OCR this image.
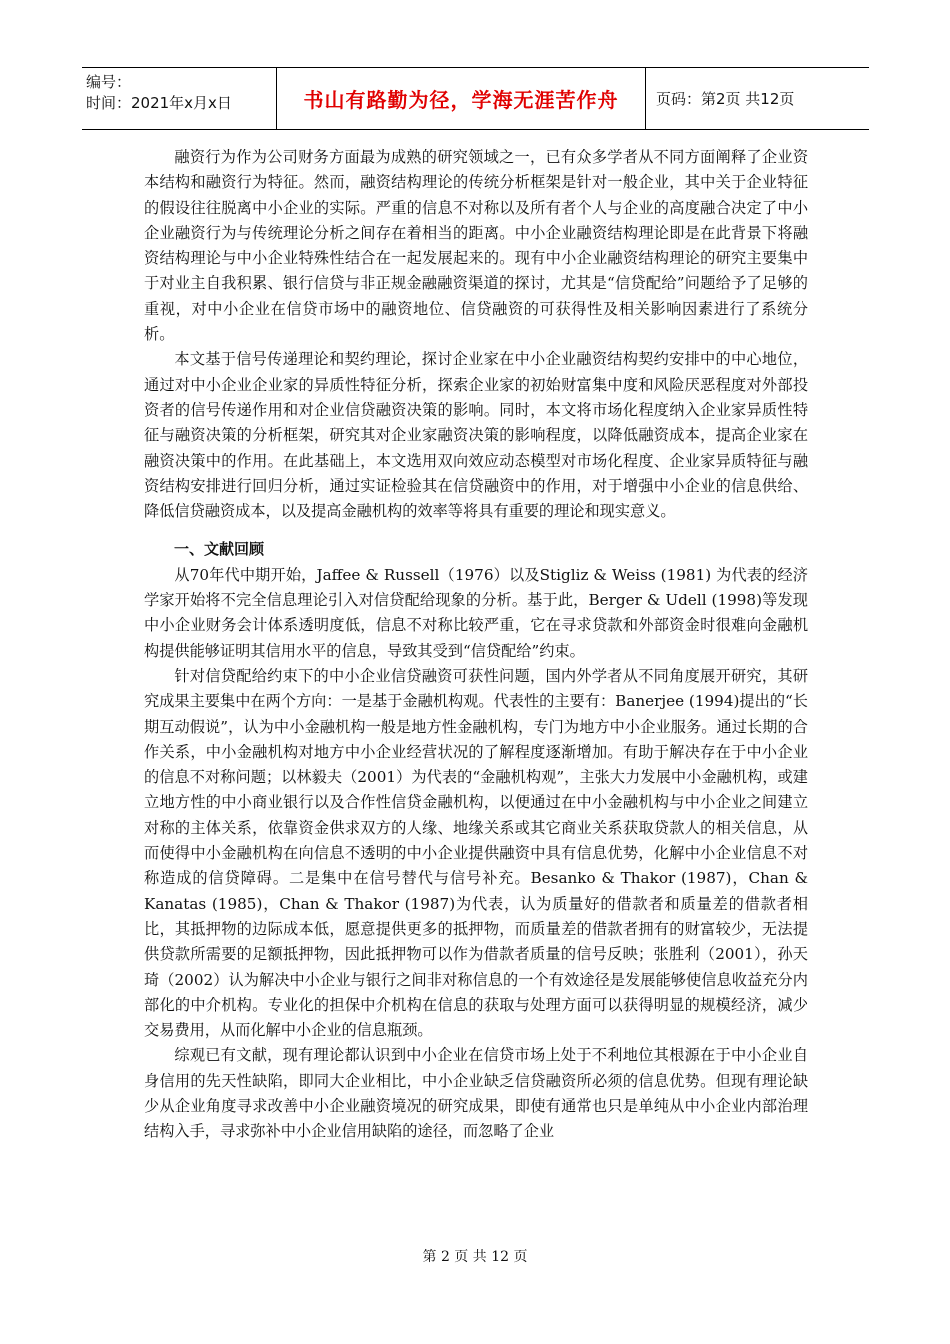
编号：
时间：2021年x月x日	书山有路勤为径，学海无涯苦作舟	页码：第2页 共12页

融资行为作为公司财务方面最为成熟的研究领域之一，已有众多学者从不同方面阐释了企业资本结构和融资行为特征。然而，融资结构理论的传统分析框架是针对一般企业，其中关于企业特征的假设往往脱离中小企业的实际。严重的信息不对称以及所有者个人与企业的高度融合决定了中小企业融资行为与传统理论分析之间存在着相当的距离。中小企业融资结构理论即是在此背景下将融资结构理论与中小企业特殊性结合在一起发展起来的。现有中小企业融资结构理论的研究主要集中于对业主自我积累、银行信贷与非正规金融融资渠道的探讨，尤其是“信贷配给”问题给予了足够的重视，对中小企业在信贷市场中的融资地位、信贷融资的可获得性及相关影响因素进行了系统分析。

本文基于信号传递理论和契约理论，探讨企业家在中小企业融资结构契约安排中的中心地位，通过对中小企业企业家的异质性特征分析，探索企业家的初始财富集中度和风险厌恶程度对外部投资者的信号传递作用和对企业信贷融资决策的影响。同时，本文将市场化程度纳入企业家异质性特征与融资决策的分析框架，研究其对企业家融资决策的影响程度，以降低融资成本，提高企业家在融资决策中的作用。在此基础上，本文选用双向效应动态模型对市场化程度、企业家异质特征与融资结构安排进行回归分析，通过实证检验其在信贷融资中的作用，对于增强中小企业的信息供给、降低信贷融资成本，以及提高金融机构的效率等将具有重要的理论和现实意义。

一、文献回顾

从70年代中期开始，Jaffee & Russell（1976）以及Stigliz & Weiss (1981) 为代表的经济学家开始将不完全信息理论引入对信贷配给现象的分析。基于此，Berger & Udell (1998)等发现中小企业财务会计体系透明度低，信息不对称比较严重，它在寻求贷款和外部资金时很难向金融机构提供能够证明其信用水平的信息，导致其受到“信贷配给”约束。

针对信贷配给约束下的中小企业信贷融资可获性问题，国内外学者从不同角度展开研究，其研究成果主要集中在两个方向：一是基于金融机构观。代表性的主要有：Banerjee (1994)提出的“长期互动假说”，认为中小金融机构一般是地方性金融机构，专门为地方中小企业服务。通过长期的合作关系，中小金融机构对地方中小企业经营状况的了解程度逐渐增加。有助于解决存在于中小企业的信息不对称问题；以林毅夫（2001）为代表的“金融机构观”，主张大力发展中小金融机构，或建立地方性的中小商业银行以及合作性信贷金融机构，以便通过在中小金融机构与中小企业之间建立对称的主体关系，依靠资金供求双方的人缘、地缘关系或其它商业关系获取贷款人的相关信息，从而使得中小金融机构在向信息不透明的中小企业提供融资中具有信息优势，化解中小企业信息不对称造成的信贷障碍。二是集中在信号替代与信号补充。Besanko & Thakor (1987)，Chan & Kanatas (1985)，Chan & Thakor (1987)为代表，认为质量好的借款者和质量差的借款者相比，其抵押物的边际成本低，愿意提供更多的抵押物，而质量差的借款者拥有的财富较少，无法提供贷款所需要的足额抵押物，因此抵押物可以作为借款者质量的信号反映；张胜利（2001），孙天琦（2002）认为解决中小企业与银行之间非对称信息的一个有效途径是发展能够使信息收益充分内部化的中介机构。专业化的担保中介机构在信息的获取与处理方面可以获得明显的规模经济，减少交易费用，从而化解中小企业的信息瓶颈。

综观已有文献，现有理论都认识到中小企业在信贷市场上处于不利地位其根源在于中小企业自身信用的先天性缺陷，即同大企业相比，中小企业缺乏信贷融资所必须的信息优势。但现有理论缺少从企业角度寻求改善中小企业融资境况的研究成果，即使有通常也只是单纯从中小企业内部治理结构入手，寻求弥补中小企业信用缺陷的途径，而忽略了企业

第 2 页 共 12 页
